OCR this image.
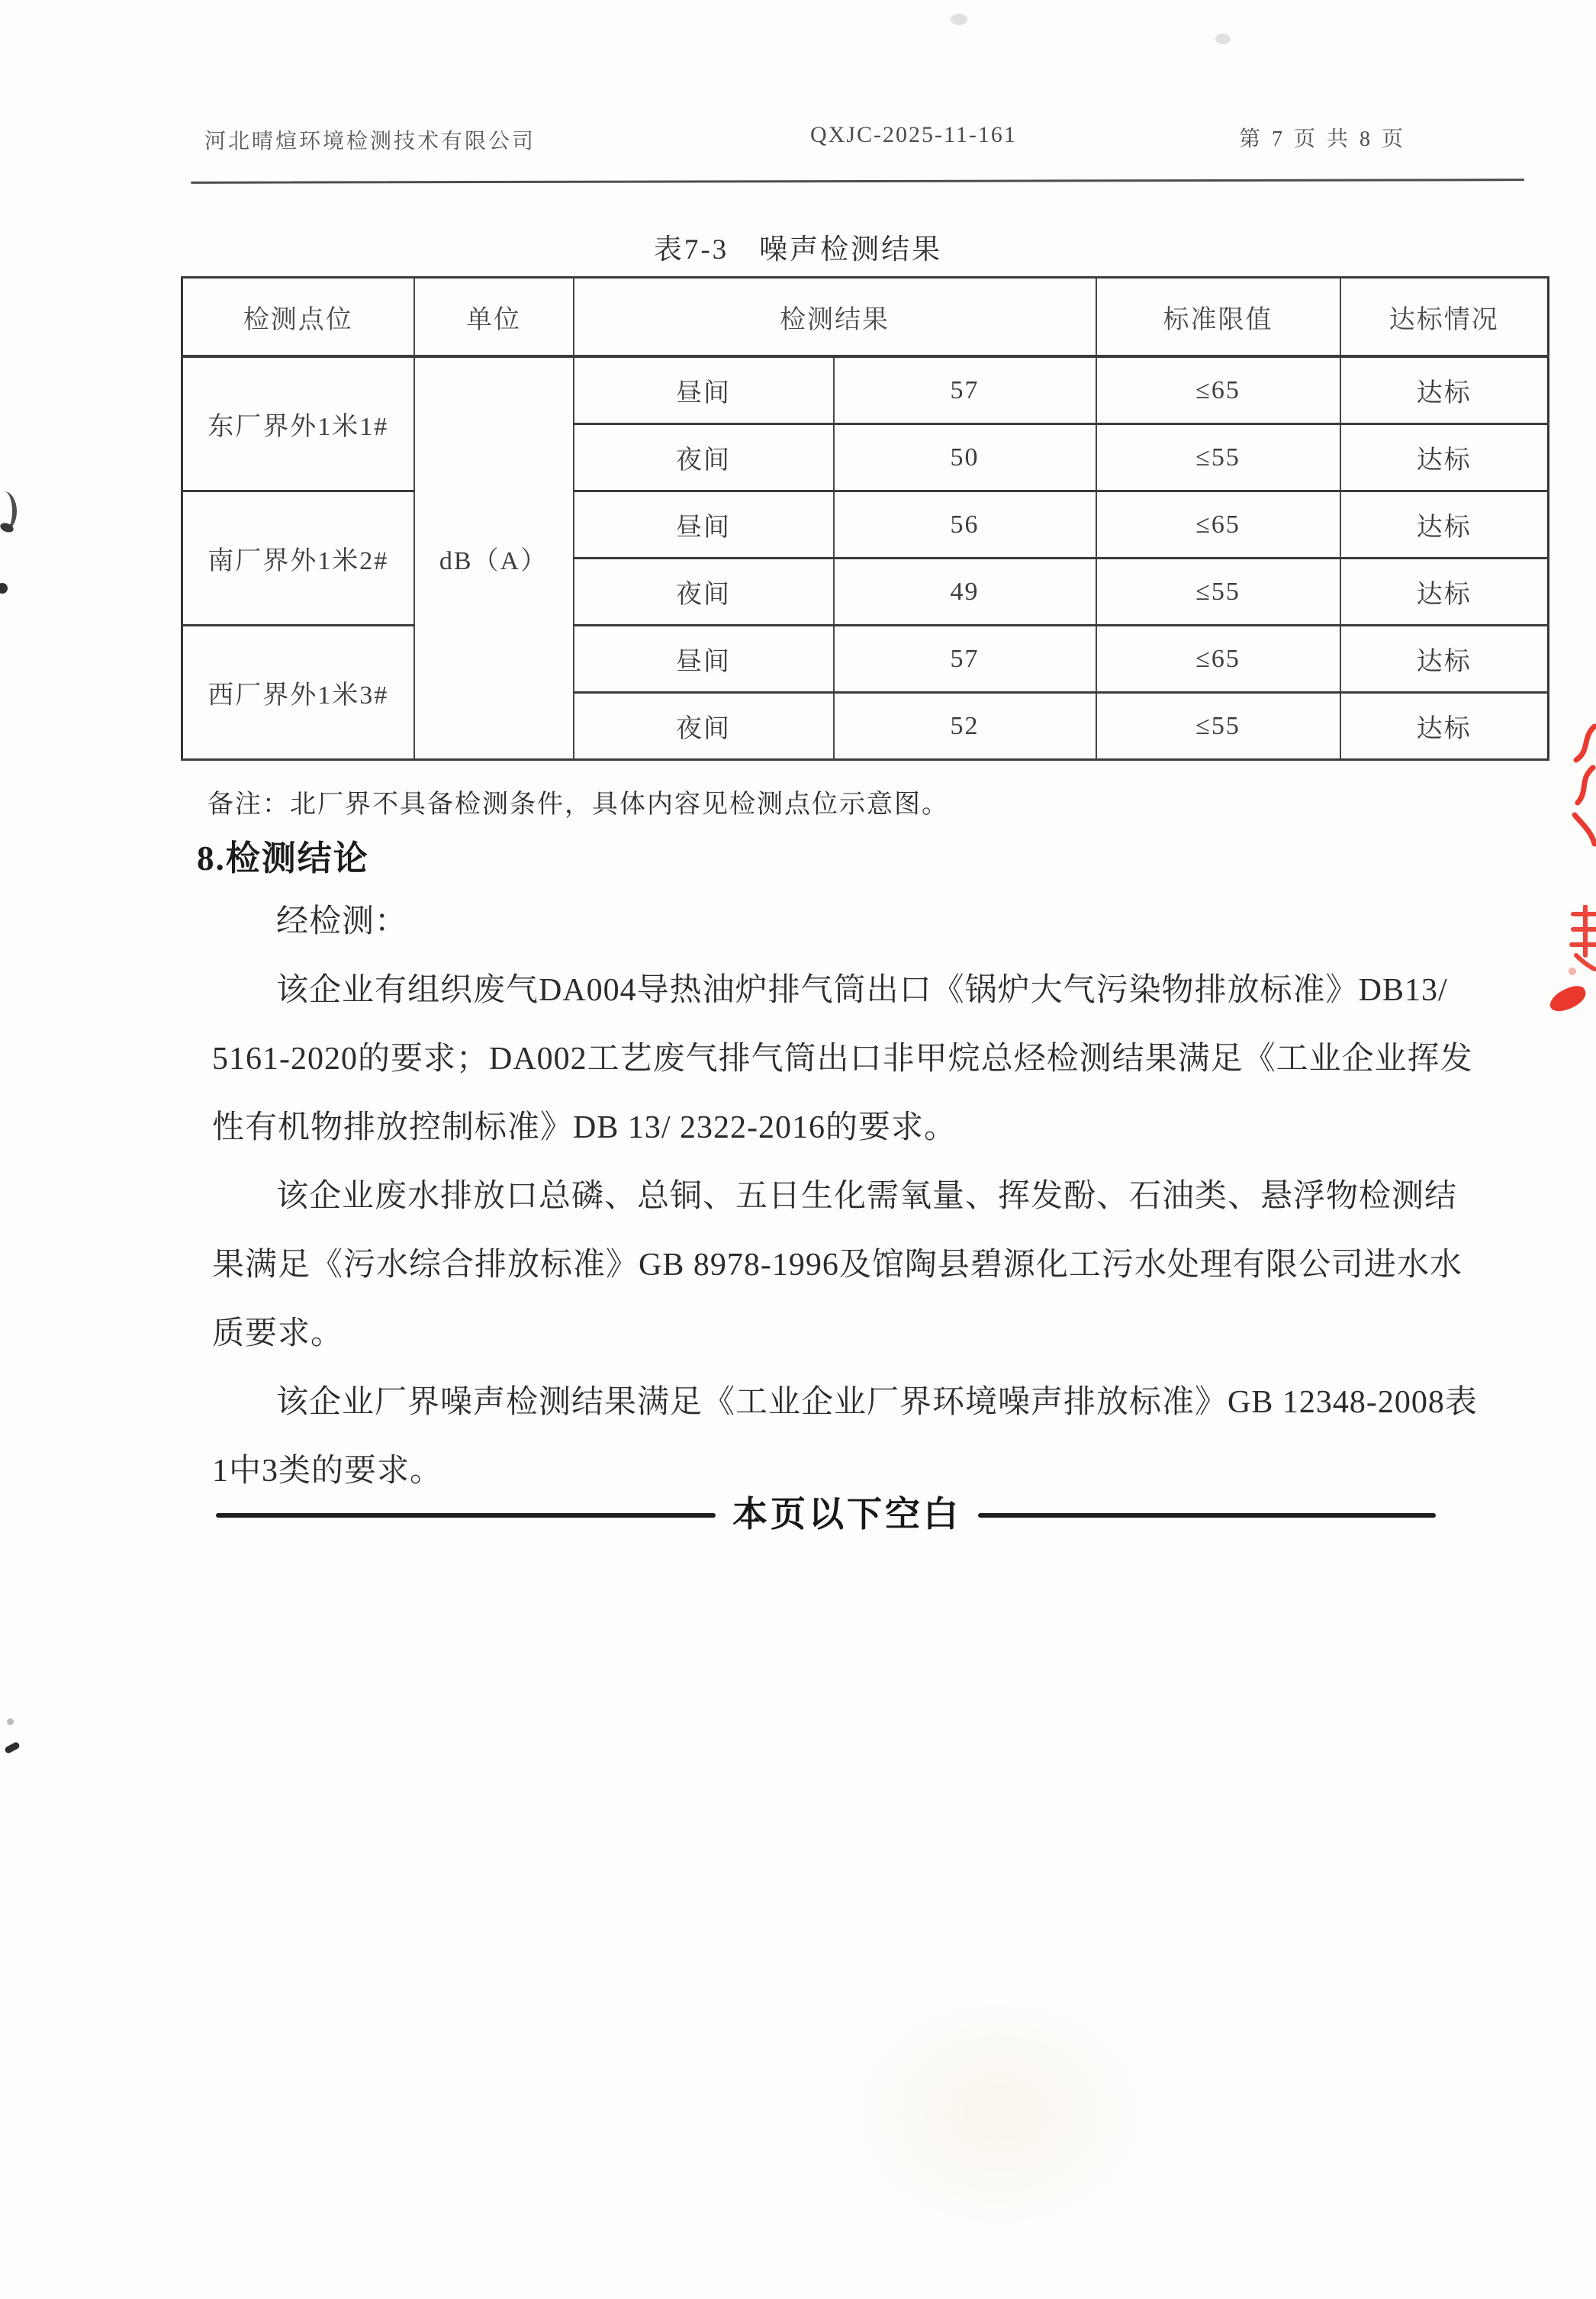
河北晴煊环境检测技术有限公司	QXJC-2025-11-161	第 7 页 共 8 页
表7-3　噪声检测结果
检测点位	单位	检测结果		标准限值	达标情况
东厂界外1米1#	dB（A）	昼间	57	≤65	达标
		夜间	50	≤55	达标
南厂界外1米2#		昼间	56	≤65	达标
		夜间	49	≤55	达标
西厂界外1米3#		昼间	57	≤65	达标
		夜间	52	≤55	达标
备注：北厂界不具备检测条件，具体内容见检测点位示意图。
8.检测结论
经检测：
该企业有组织废气DA004导热油炉排气筒出口《锅炉大气污染物排放标准》DB13/
5161-2020的要求；DA002工艺废气排气筒出口非甲烷总烃检测结果满足《工业企业挥发
性有机物排放控制标准》DB 13/ 2322-2016的要求。
该企业废水排放口总磷、总铜、五日生化需氧量、挥发酚、石油类、悬浮物检测结
果满足《污水综合排放标准》GB 8978-1996及馆陶县碧源化工污水处理有限公司进水水
质要求。
该企业厂界噪声检测结果满足《工业企业厂界环境噪声排放标准》GB 12348-2008表
1中3类的要求。
本页以下空白
